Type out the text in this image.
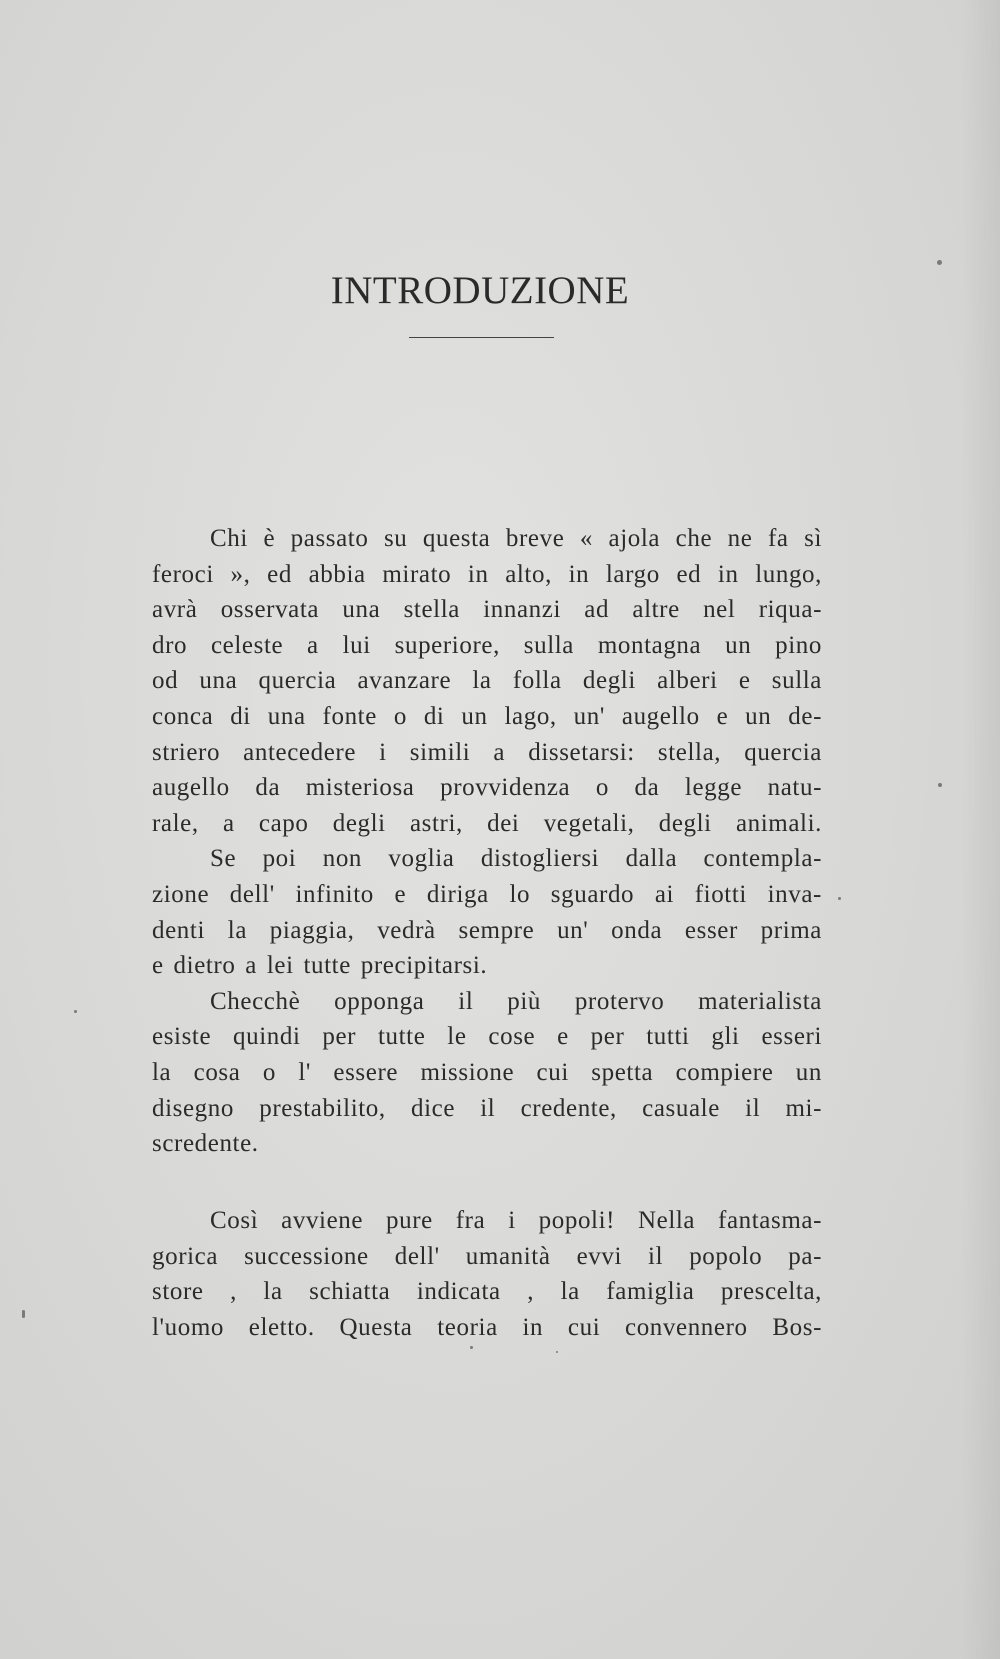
INTRODUZIONE
Chi è passato su questa breve « ajola che ne fa sì
feroci », ed abbia mirato in alto, in largo ed in lungo,
avrà osservata una stella innanzi ad altre nel riqua-
dro celeste a lui superiore, sulla montagna un pino
od una quercia avanzare la folla degli alberi e sulla
conca di una fonte o di un lago, un' augello e un de-
striero antecedere i simili a dissetarsi: stella, quercia
augello da misteriosa provvidenza o da legge natu-
rale, a capo degli astri, dei vegetali, degli animali.
Se poi non voglia distogliersi dalla contempla-
zione dell' infinito e diriga lo sguardo ai fiotti inva-
denti la piaggia, vedrà sempre un' onda esser prima
e dietro a lei tutte precipitarsi.
Checchè opponga il più protervo materialista
esiste quindi per tutte le cose e per tutti gli esseri
la cosa o l' essere missione cui spetta compiere un
disegno prestabilito, dice il credente, casuale il mi-
scredente.
Così avviene pure fra i popoli! Nella fantasma-
gorica successione dell' umanità evvi il popolo pa-
store , la schiatta indicata , la famiglia prescelta,
l'uomo eletto. Questa teoria in cui convennero Bos-
